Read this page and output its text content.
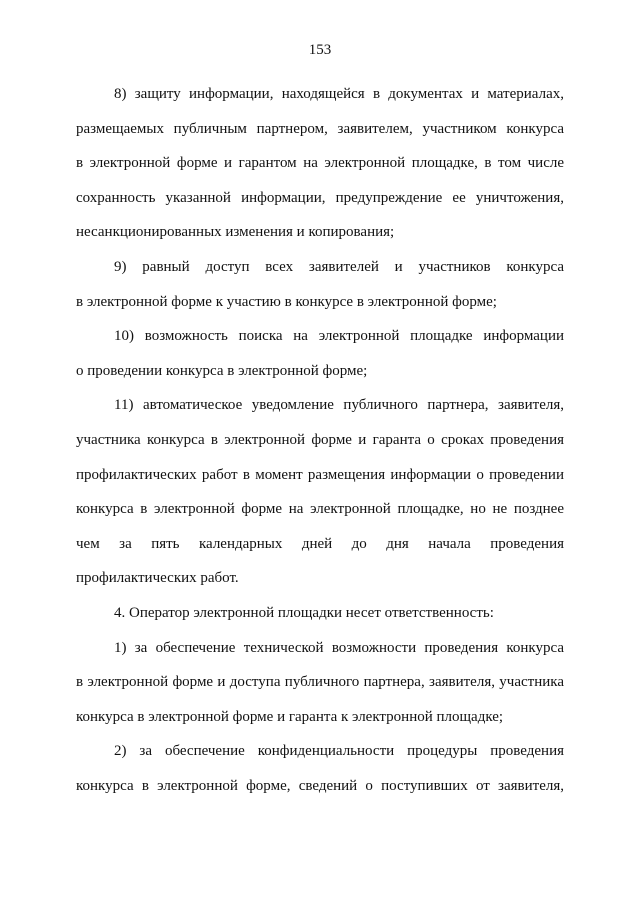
153
8) защиту информации, находящейся в документах и материалах,
размещаемых публичным партнером, заявителем, участником конкурса
в электронной форме и гарантом на электронной площадке, в том числе
сохранность указанной информации, предупреждение ее уничтожения,
несанкционированных изменения и копирования;
9) равный доступ всех заявителей и участников конкурса
в электронной форме к участию в конкурсе в электронной форме;
10) возможность поиска на электронной площадке информации
о проведении конкурса в электронной форме;
11) автоматическое уведомление публичного партнера, заявителя,
участника конкурса в электронной форме и гаранта о сроках проведения
профилактических работ в момент размещения информации о проведении
конкурса в электронной форме на электронной площадке, но не позднее
чем за пять календарных дней до дня начала проведения
профилактических работ.
4. Оператор электронной площадки несет ответственность:
1) за обеспечение технической возможности проведения конкурса
в электронной форме и доступа публичного партнера, заявителя, участника
конкурса в электронной форме и гаранта к электронной площадке;
2) за обеспечение конфиденциальности процедуры проведения
конкурса в электронной форме, сведений о поступивших от заявителя,
